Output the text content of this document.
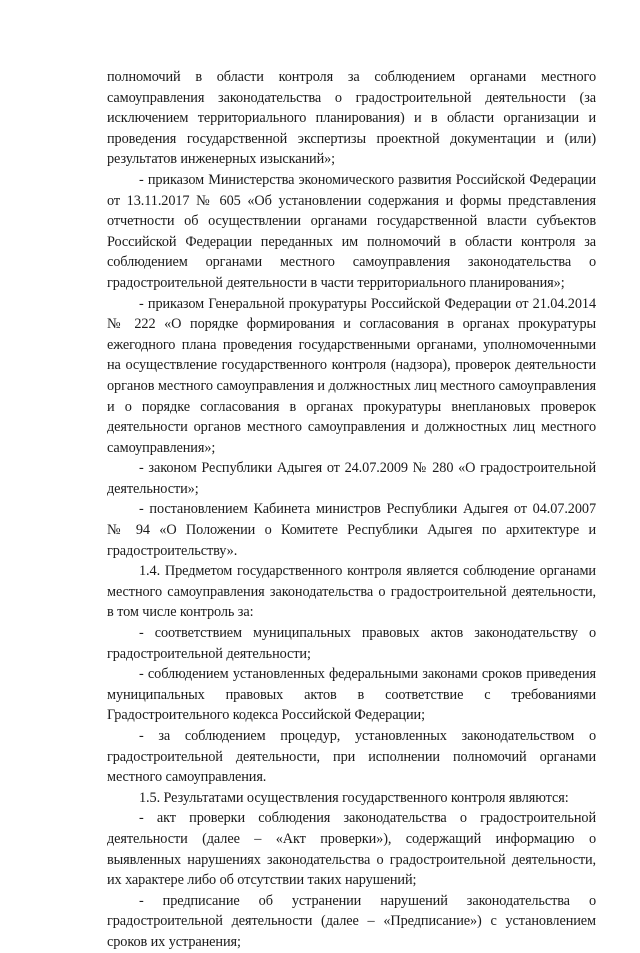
полномочий в области контроля за соблюдением органами местного самоуправления законодательства о градостроительной деятельности (за исключением территориального планирования) и в области организации и проведения государственной экспертизы проектной документации и (или) результатов инженерных изысканий»;

- приказом Министерства экономического развития Российской Федерации от 13.11.2017 № 605 «Об установлении содержания и формы представления отчетности об осуществлении органами государственной власти субъектов Российской Федерации переданных им полномочий в области контроля за соблюдением органами местного самоуправления законодательства о градостроительной деятельности в части территориального планирования»;

- приказом Генеральной прокуратуры Российской Федерации от 21.04.2014 № 222 «О порядке формирования и согласования в органах прокуратуры ежегодного плана проведения государственными органами, уполномоченными на осуществление государственного контроля (надзора), проверок деятельности органов местного самоуправления и должностных лиц местного самоуправления и о порядке согласования в органах прокуратуры внеплановых проверок деятельности органов местного самоуправления и должностных лиц местного самоуправления»;

- законом Республики Адыгея от 24.07.2009 № 280 «О градостроительной деятельности»;

- постановлением Кабинета министров Республики Адыгея от 04.07.2007 № 94 «О Положении о Комитете Республики Адыгея по архитектуре и градостроительству».

1.4. Предметом государственного контроля является соблюдение органами местного самоуправления законодательства о градостроительной деятельности, в том числе контроль за:

- соответствием муниципальных правовых актов законодательству о градостроительной деятельности;

- соблюдением установленных федеральными законами сроков приведения муниципальных правовых актов в соответствие с требованиями Градостроительного кодекса Российской Федерации;

- за соблюдением процедур, установленных законодательством о градостроительной деятельности, при исполнении полномочий органами местного самоуправления.

1.5. Результатами осуществления государственного контроля являются:

- акт проверки соблюдения законодательства о градостроительной деятельности (далее – «Акт проверки»), содержащий информацию о выявленных нарушениях законодательства о градостроительной деятельности, их характере либо об отсутствии таких нарушений;

- предписание об устранении нарушений законодательства о градостроительной деятельности (далее – «Предписание») с установлением сроков их устранения;
